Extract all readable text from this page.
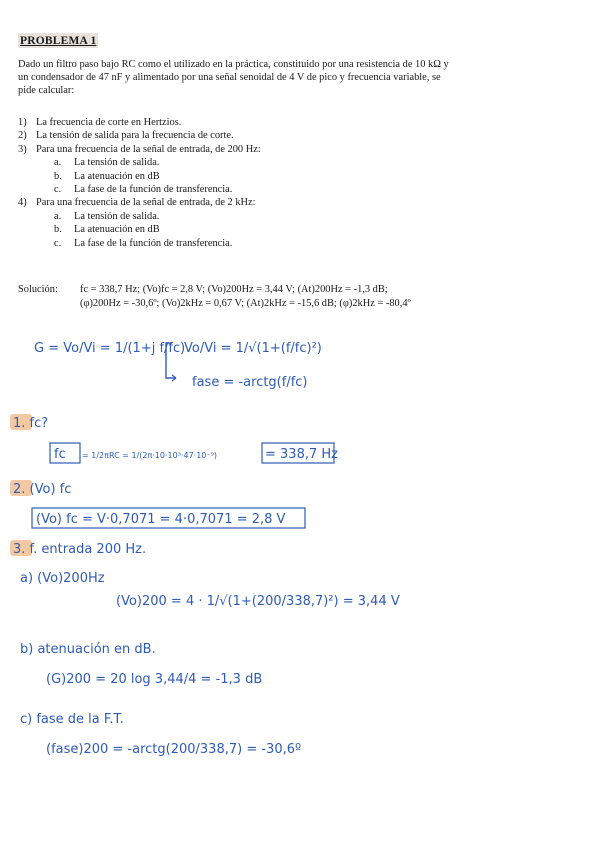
PROBLEMA 1
Dado un filtro paso bajo RC como el utilizado en la práctica, constituido por una resistencia de 10 kΩ y un condensador de 47 nF y alimentado por una señal senoidal de 4 V de pico y frecuencia variable, se pide calcular:
1) La frecuencia de corte en Hertzios.
2) La tensión de salida para la frecuencia de corte.
3) Para una frecuencia de la señal de entrada, de 200 Hz:
a.	La tensión de salida.
b.	La atenuación en dB
c.	La fase de la función de transferencia.
4) Para una frecuencia de la señal de entrada, de 2 kHz:
a.	La tensión de salida.
b.	La atenuación en dB
c.	La fase de la función de transferencia.
Solución:	fc = 338,7 Hz; (Vo)fc = 2,8 V; (Vo)200Hz = 3,44 V; (At)200Hz = -1,3 dB;
(φ)200Hz = -30,6º; (Vo)2kHz = 0,67 V; (At)2kHz = -15,6 dB; (φ)2kHz = -80,4º
G = Vo/Vi = 1/(1+j f/fc)
Vo/Vi = 1/√(1+(f/fc)²)
fase = -arctg(f/fc)
1. fc?
fc = 1/2πRC = 1/(2π·10·10³·47·10⁻⁹)	= 338,7 Hz
2. (Vo) fc
(Vo) fc = V·0,7071 = 4·0,7071 = 2,8 V
3. f. entrada 200 Hz.
a) (Vo)200Hz
(Vo)200 = 4 · 1/√(1+(200/338,7)²) = 3,44 V
b) atenuación en dB.
(G)200 = 20 log 3,44/4 = -1,3 dB
c) fase de la F.T.
(fase)200 = -arctg(200/338,7) = -30,6º
